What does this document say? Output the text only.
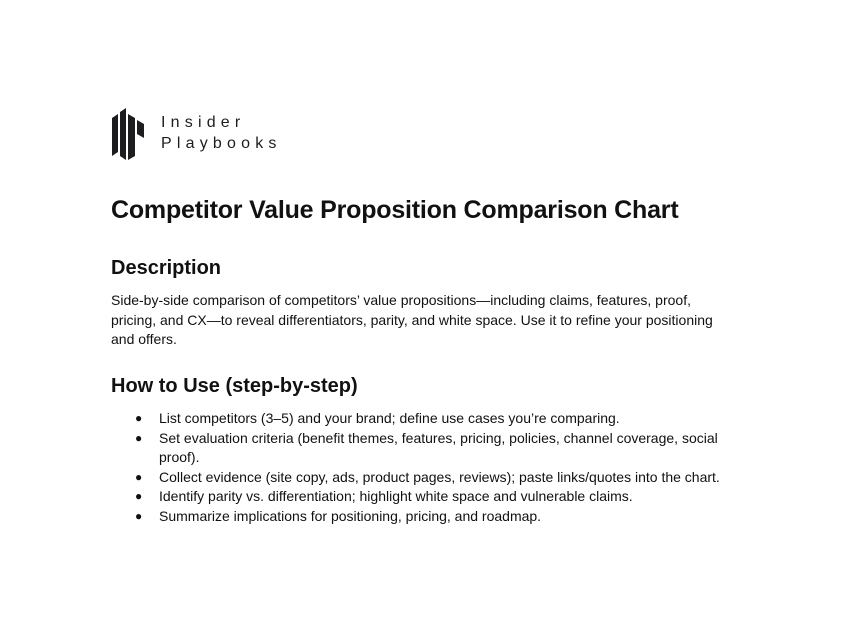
Insider
Playbooks
Competitor Value Proposition Comparison Chart
Description

Side-by-side comparison of competitors’ value propositions—including claims, features, proof, pricing, and CX—to reveal differentiators, parity, and white space. Use it to refine your positioning and offers.

How to Use (step-by-step)
● List competitors (3–5) and your brand; define use cases you’re comparing.
● Set evaluation criteria (benefit themes, features, pricing, policies, channel coverage, social proof).
● Collect evidence (site copy, ads, product pages, reviews); paste links/quotes into the chart.
● Identify parity vs. differentiation; highlight white space and vulnerable claims.
● Summarize implications for positioning, pricing, and roadmap.
